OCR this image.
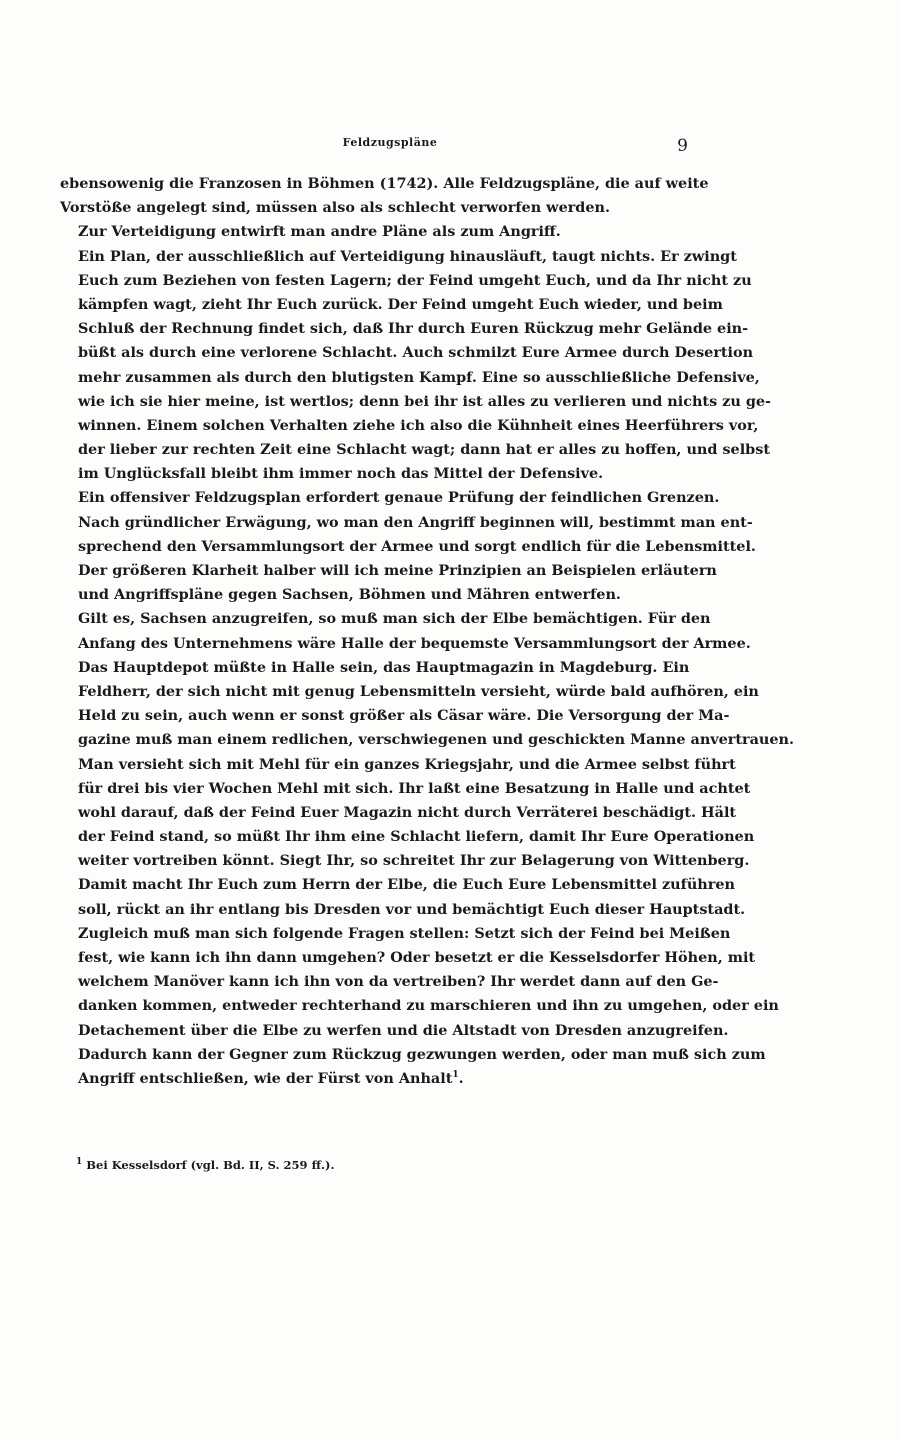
Feldzugspläne	9

ebensowenig die Franzosen in Böhmen (1742). Alle Feldzugspläne, die auf weite
Vorstöße angelegt sind, müssen also als schlecht verworfen werden.

Zur Verteidigung entwirft man andre Pläne als zum Angriff.

Ein Plan, der ausschließlich auf Verteidigung hinausläuft, taugt nichts. Er zwingt
Euch zum Beziehen von festen Lagern; der Feind umgeht Euch, und da Ihr nicht zu
kämpfen wagt, zieht Ihr Euch zurück. Der Feind umgeht Euch wieder, und beim
Schluß der Rechnung findet sich, daß Ihr durch Euren Rückzug mehr Gelände ein-
büßt als durch eine verlorene Schlacht. Auch schmilzt Eure Armee durch Desertion
mehr zusammen als durch den blutigsten Kampf. Eine so ausschließliche Defensive,
wie ich sie hier meine, ist wertlos; denn bei ihr ist alles zu verlieren und nichts zu ge-
winnen. Einem solchen Verhalten ziehe ich also die Kühnheit eines Heerführers vor,
der lieber zur rechten Zeit eine Schlacht wagt; dann hat er alles zu hoffen, und selbst
im Unglücksfall bleibt ihm immer noch das Mittel der Defensive.

Ein offensiver Feldzugsplan erfordert genaue Prüfung der feindlichen Grenzen.
Nach gründlicher Erwägung, wo man den Angriff beginnen will, bestimmt man ent-
sprechend den Versammlungsort der Armee und sorgt endlich für die Lebensmittel.

Der größeren Klarheit halber will ich meine Prinzipien an Beispielen erläutern
und Angriffspläne gegen Sachsen, Böhmen und Mähren entwerfen.

Gilt es, Sachsen anzugreifen, so muß man sich der Elbe bemächtigen. Für den
Anfang des Unternehmens wäre Halle der bequemste Versammlungsort der Armee.
Das Hauptdepot müßte in Halle sein, das Hauptmagazin in Magdeburg. Ein
Feldherr, der sich nicht mit genug Lebensmitteln versieht, würde bald aufhören, ein
Held zu sein, auch wenn er sonst größer als Cäsar wäre. Die Versorgung der Ma-
gazine muß man einem redlichen, verschwiegenen und geschickten Manne anvertrauen.
Man versieht sich mit Mehl für ein ganzes Kriegsjahr, und die Armee selbst führt
für drei bis vier Wochen Mehl mit sich. Ihr laßt eine Besatzung in Halle und achtet
wohl darauf, daß der Feind Euer Magazin nicht durch Verräterei beschädigt. Hält
der Feind stand, so müßt Ihr ihm eine Schlacht liefern, damit Ihr Eure Operationen
weiter vortreiben könnt. Siegt Ihr, so schreitet Ihr zur Belagerung von Wittenberg.
Damit macht Ihr Euch zum Herrn der Elbe, die Euch Eure Lebensmittel zuführen
soll, rückt an ihr entlang bis Dresden vor und bemächtigt Euch dieser Hauptstadt.
Zugleich muß man sich folgende Fragen stellen: Setzt sich der Feind bei Meißen
fest, wie kann ich ihn dann umgehen? Oder besetzt er die Kesselsdorfer Höhen, mit
welchem Manöver kann ich ihn von da vertreiben? Ihr werdet dann auf den Ge-
danken kommen, entweder rechterhand zu marschieren und ihn zu umgehen, oder ein
Detachement über die Elbe zu werfen und die Altstadt von Dresden anzugreifen.
Dadurch kann der Gegner zum Rückzug gezwungen werden, oder man muß sich zum
Angriff entschließen, wie der Fürst von Anhalt$^1$.

$^1$ Bei Kesselsdorf (vgl. Bd. II, S. 259 ff.).
